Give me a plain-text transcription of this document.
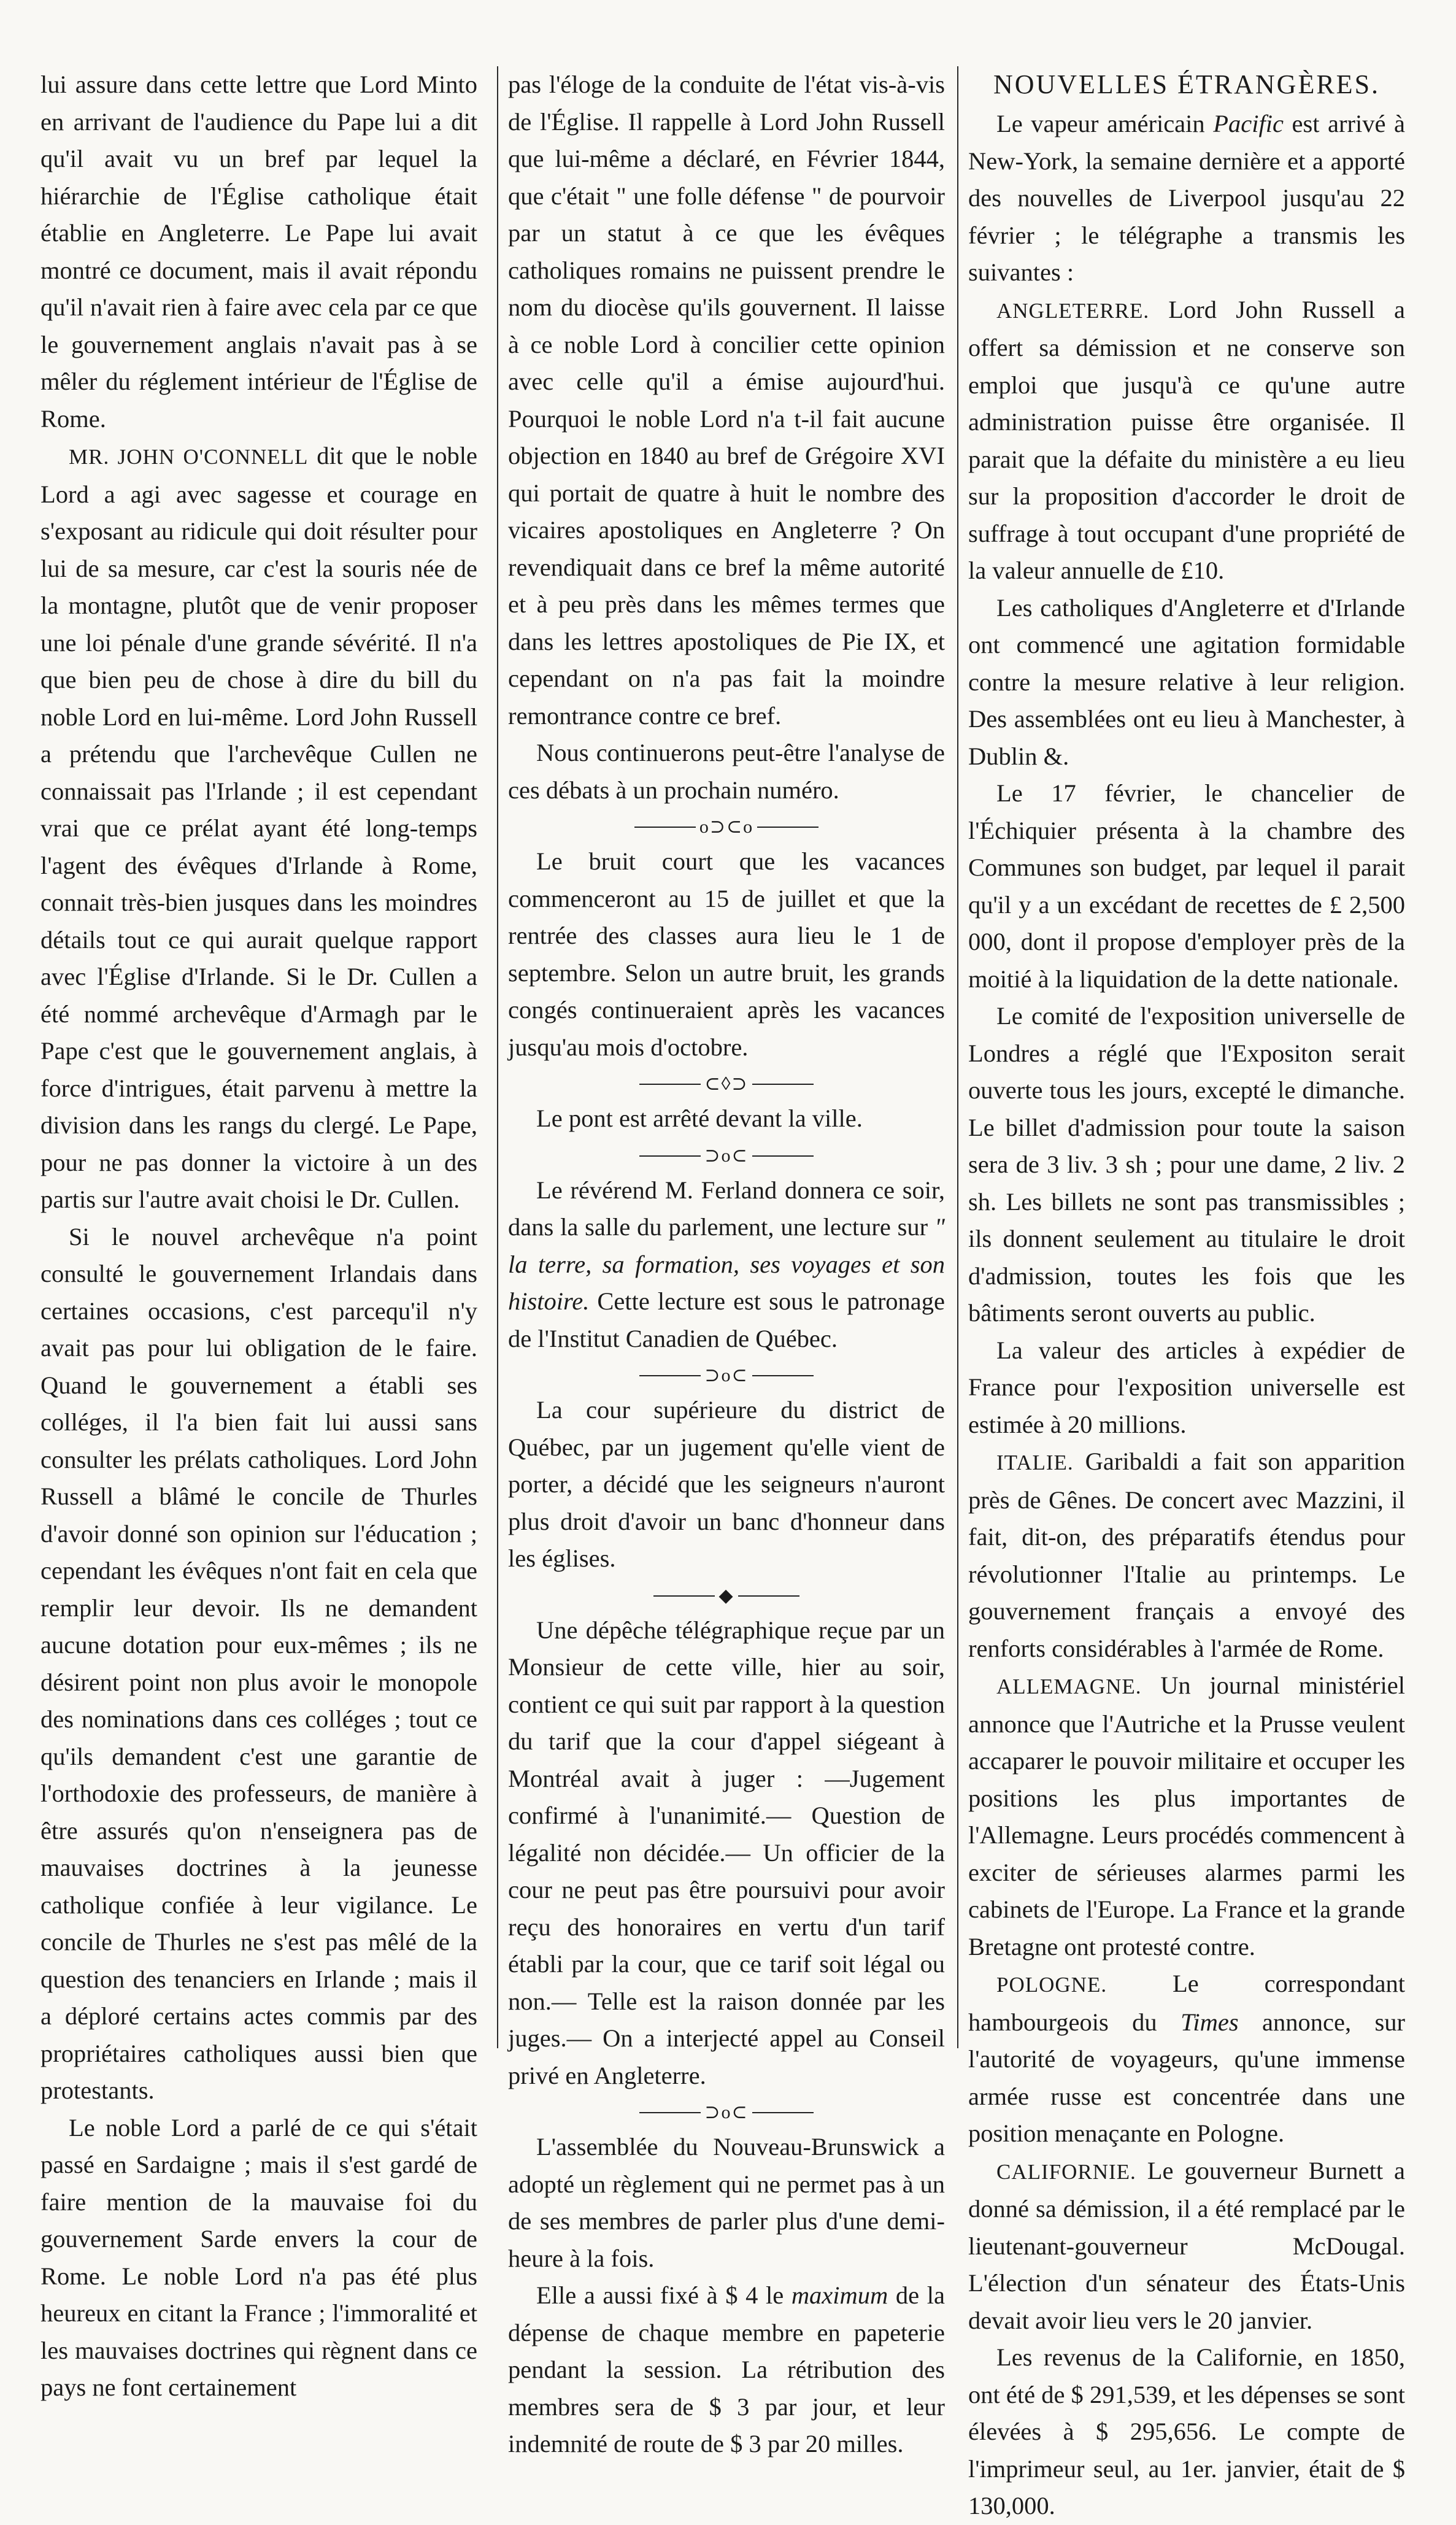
lui assure dans cette lettre que Lord Minto en arrivant de l'audience du Pape lui a dit qu'il avait vu un bref par lequel la hiérarchie de l'Église catholique était établie en Angleterre. Le Pape lui avait montré ce document, mais il avait répondu qu'il n'avait rien à faire avec cela par ce que le gouvernement anglais n'avait pas à se mêler du réglement intérieur de l'Église de Rome.

MR. JOHN O'CONNELL dit que le noble Lord a agi avec sagesse et courage en s'exposant au ridicule qui doit résulter pour lui de sa mesure, car c'est la souris née de la montagne, plutôt que de venir proposer une loi pénale d'une grande sévérité. Il n'a que bien peu de chose à dire du bill du noble Lord en lui-même. Lord John Russell a prétendu que l'archevêque Cullen ne connaissait pas l'Irlande ; il est cependant vrai que ce prélat ayant été long-temps l'agent des évêques d'Irlande à Rome, connait très-bien jusques dans les moindres détails tout ce qui aurait quelque rapport avec l'Église d'Irlande. Si le Dr. Cullen a été nommé archevêque d'Armagh par le Pape c'est que le gouvernement anglais, à force d'intrigues, était parvenu à mettre la division dans les rangs du clergé. Le Pape, pour ne pas donner la victoire à un des partis sur l'autre avait choisi le Dr. Cullen.

Si le nouvel archevêque n'a point consulté le gouvernement Irlandais dans certaines occasions, c'est parcequ'il n'y avait pas pour lui obligation de le faire. Quand le gouvernement a établi ses colléges, il l'a bien fait lui aussi sans consulter les prélats catholiques. Lord John Russell a blâmé le concile de Thurles d'avoir donné son opinion sur l'éducation ; cependant les évêques n'ont fait en cela que remplir leur devoir. Ils ne demandent aucune dotation pour eux-mêmes ; ils ne désirent point non plus avoir le monopole des nominations dans ces colléges ; tout ce qu'ils demandent c'est une garantie de l'orthodoxie des professeurs, de manière à être assurés qu'on n'enseignera pas de mauvaises doctrines à la jeunesse catholique confiée à leur vigilance. Le concile de Thurles ne s'est pas mêlé de la question des tenanciers en Irlande ; mais il a déploré certains actes commis par des propriétaires catholiques aussi bien que protestants.

Le noble Lord a parlé de ce qui s'était passé en Sardaigne ; mais il s'est gardé de faire mention de la mauvaise foi du gouvernement Sarde envers la cour de Rome. Le noble Lord n'a pas été plus heureux en citant la France ; l'immoralité et les mauvaises doctrines qui règnent dans ce pays ne font certainement

pas l'éloge de la conduite de l'état vis-à-vis de l'Église. Il rappelle à Lord John Russell que lui-même a déclaré, en Février 1844, que c'était " une folle défense " de pourvoir par un statut à ce que les évêques catholiques romains ne puissent prendre le nom du diocèse qu'ils gouvernent. Il laisse à ce noble Lord à concilier cette opinion avec celle qu'il a émise aujourd'hui. Pourquoi le noble Lord n'a t-il fait aucune objection en 1840 au bref de Grégoire XVI qui portait de quatre à huit le nombre des vicaires apostoliques en Angleterre ? On revendiquait dans ce bref la même autorité et à peu près dans les mêmes termes que dans les lettres apostoliques de Pie IX, et cependant on n'a pas fait la moindre remontrance contre ce bref.

Nous continuerons peut-être l'analyse de ces débats à un prochain numéro.

o⊃⊂o

Le bruit court que les vacances commenceront au 15 de juillet et que la rentrée des classes aura lieu le 1 de septembre. Selon un autre bruit, les grands congés continueraient après les vacances jusqu'au mois d'octobre.

⊂◊⊃

Le pont est arrêté devant la ville.

⊃o⊂

Le révérend M. Ferland donnera ce soir, dans la salle du parlement, une lecture sur " la terre, sa formation, ses voyages et son histoire. Cette lecture est sous le patronage de l'Institut Canadien de Québec.

⊃o⊂

La cour supérieure du district de Québec, par un jugement qu'elle vient de porter, a décidé que les seigneurs n'auront plus droit d'avoir un banc d'honneur dans les églises.

◆

Une dépêche télégraphique reçue par un Monsieur de cette ville, hier au soir, contient ce qui suit par rapport à la question du tarif que la cour d'appel siégeant à Montréal avait à juger : —Jugement confirmé à l'unanimité.— Question de légalité non décidée.— Un officier de la cour ne peut pas être poursuivi pour avoir reçu des honoraires en vertu d'un tarif établi par la cour, que ce tarif soit légal ou non.— Telle est la raison donnée par les juges.— On a interjecté appel au Conseil privé en Angleterre.

⊃o⊂

L'assemblée du Nouveau-Brunswick a adopté un règlement qui ne permet pas à un de ses membres de parler plus d'une demi-heure à la fois.

Elle a aussi fixé à $ 4 le maximum de la dépense de chaque membre en papeterie pendant la session. La rétribution des membres sera de $ 3 par jour, et leur indemnité de route de $ 3 par 20 milles.

NOUVELLES ÉTRANGÈRES.

Le vapeur américain Pacific est arrivé à New-York, la semaine dernière et a apporté des nouvelles de Liverpool jusqu'au 22 février ; le télégraphe a transmis les suivantes :

ANGLETERRE. Lord John Russell a offert sa démission et ne conserve son emploi que jusqu'à ce qu'une autre administration puisse être organisée. Il parait que la défaite du ministère a eu lieu sur la proposition d'accorder le droit de suffrage à tout occupant d'une propriété de la valeur annuelle de £10.

Les catholiques d'Angleterre et d'Irlande ont commencé une agitation formidable contre la mesure relative à leur religion. Des assemblées ont eu lieu à Manchester, à Dublin &.

Le 17 février, le chancelier de l'Échiquier présenta à la chambre des Communes son budget, par lequel il parait qu'il y a un excédant de recettes de £ 2,500 000, dont il propose d'employer près de la moitié à la liquidation de la dette nationale.

Le comité de l'exposition universelle de Londres a réglé que l'Expositon serait ouverte tous les jours, excepté le dimanche. Le billet d'admission pour toute la saison sera de 3 liv. 3 sh ; pour une dame, 2 liv. 2 sh. Les billets ne sont pas transmissibles ; ils donnent seulement au titulaire le droit d'admission, toutes les fois que les bâtiments seront ouverts au public.

La valeur des articles à expédier de France pour l'exposition universelle est estimée à 20 millions.

ITALIE. Garibaldi a fait son apparition près de Gênes. De concert avec Mazzini, il fait, dit-on, des préparatifs étendus pour révolutionner l'Italie au printemps. Le gouvernement français a envoyé des renforts considérables à l'armée de Rome.

ALLEMAGNE. Un journal ministériel annonce que l'Autriche et la Prusse veulent accaparer le pouvoir militaire et occuper les positions les plus importantes de l'Allemagne. Leurs procédés commencent à exciter de sérieuses alarmes parmi les cabinets de l'Europe. La France et la grande Bretagne ont protesté contre.

POLOGNE.	Le correspondant hambourgeois du Times annonce, sur l'autorité de voyageurs, qu'une immense armée russe est concentrée dans une position menaçante en Pologne.

CALIFORNIE. Le gouverneur Burnett a donné sa démission, il a été remplacé par le lieutenant-gouverneur McDougal. L'élection d'un sénateur des États-Unis devait avoir lieu vers le 20 janvier.

Les revenus de la Californie, en 1850, ont été de $ 291,539, et les dépenses se sont élevées à $ 295,656. Le compte de l'imprimeur seul, au 1er. janvier, était de $ 130,000.
